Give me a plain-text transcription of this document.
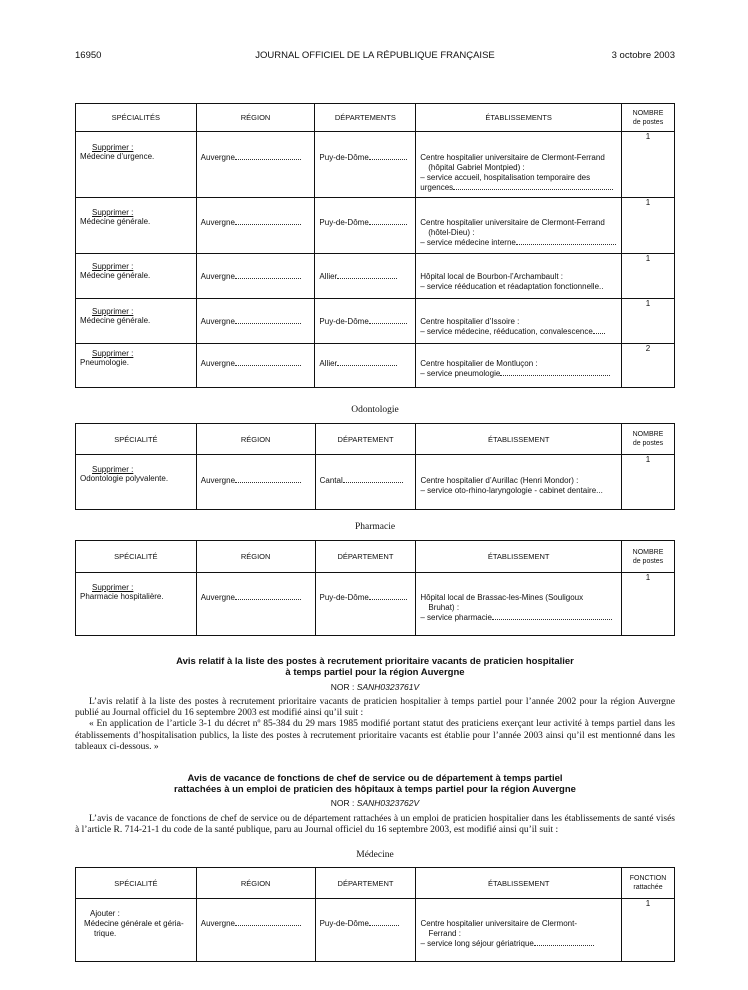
16950	JOURNAL OFFICIEL DE LA RÉPUBLIQUE FRANÇAISE	3 octobre 2003
SPÉCIALITÉS	RÉGION	DÉPARTEMENTS	ÉTABLISSEMENTS	NOMBRE
de postes

Supprimer :
Médecine d’urgence.	Auvergne	Puy-de-Dôme	Centre hospitalier universitaire de Clermont-Ferrand
(hôpital Gabriel Montpied) :
– service accueil, hospitalisation temporaire des
urgences	1

Supprimer :
Médecine générale.	Auvergne	Puy-de-Dôme	Centre hospitalier universitaire de Clermont-Ferrand
(hôtel-Dieu) :
– service médecine interne	1

Supprimer :
Médecine générale.	Auvergne	Allier	Hôpital local de Bourbon-l’Archambault :
– service rééducation et réadaptation fonctionnelle..	1

Supprimer :
Médecine générale.	Auvergne	Puy-de-Dôme	Centre hospitalier d’Issoire :
– service médecine, rééducation, convalescence	1

Supprimer :
Pneumologie.	Auvergne	Allier	Centre hospitalier de Montluçon :
– service pneumologie	2
Odontologie
SPÉCIALITÉ	RÉGION	DÉPARTEMENT	ÉTABLISSEMENT	NOMBRE
de postes

Supprimer :
Odontologie polyvalente.	Auvergne	Cantal	Centre hospitalier d’Aurillac (Henri Mondor) :
– service oto-rhino-laryngologie - cabinet dentaire...	1
Pharmacie
SPÉCIALITÉ	RÉGION	DÉPARTEMENT	ÉTABLISSEMENT	NOMBRE
de postes

Supprimer :
Pharmacie hospitalière.	Auvergne	Puy-de-Dôme	Hôpital local de Brassac-les-Mines (Souligoux
Bruhat) :
– service pharmacie	1
Avis relatif à la liste des postes à recrutement prioritaire vacants de praticien hospitalier
à temps partiel pour la région Auvergne
NOR : SANH0323761V

L’avis relatif à la liste des postes à recrutement prioritaire vacants de praticien hospitalier à temps partiel pour l’année 2002 pour la région Auvergne publié au Journal officiel du 16 septembre 2003 est modifié ainsi qu’il suit :

« En application de l’article 3-1 du décret nº 85-384 du 29 mars 1985 modifié portant statut des praticiens exerçant leur activité à temps partiel dans les établissements d’hospitalisation publics, la liste des postes à recrutement prioritaire vacants est établie pour l’année 2003 ainsi qu’il est mentionné dans les tableaux ci-dessous. »

Avis de vacance de fonctions de chef de service ou de département à temps partiel
rattachées à un emploi de praticien des hôpitaux à temps partiel pour la région Auvergne
NOR : SANH0323762V

L’avis de vacance de fonctions de chef de service ou de département rattachées à un emploi de praticien hospitalier dans les établissements de santé visés à l’article R. 714-21-1 du code de la santé publique, paru au Journal officiel du 16 septembre 2003, est modifié ainsi qu’il suit :

Médecine
SPÉCIALITÉ	RÉGION	DÉPARTEMENT	ÉTABLISSEMENT	FONCTION
rattachée

Ajouter :
Médecine générale et géria-
trique.	Auvergne	Puy-de-Dôme	Centre hospitalier universitaire de Clermont-
Ferrand :
– service long séjour gériatrique	1
